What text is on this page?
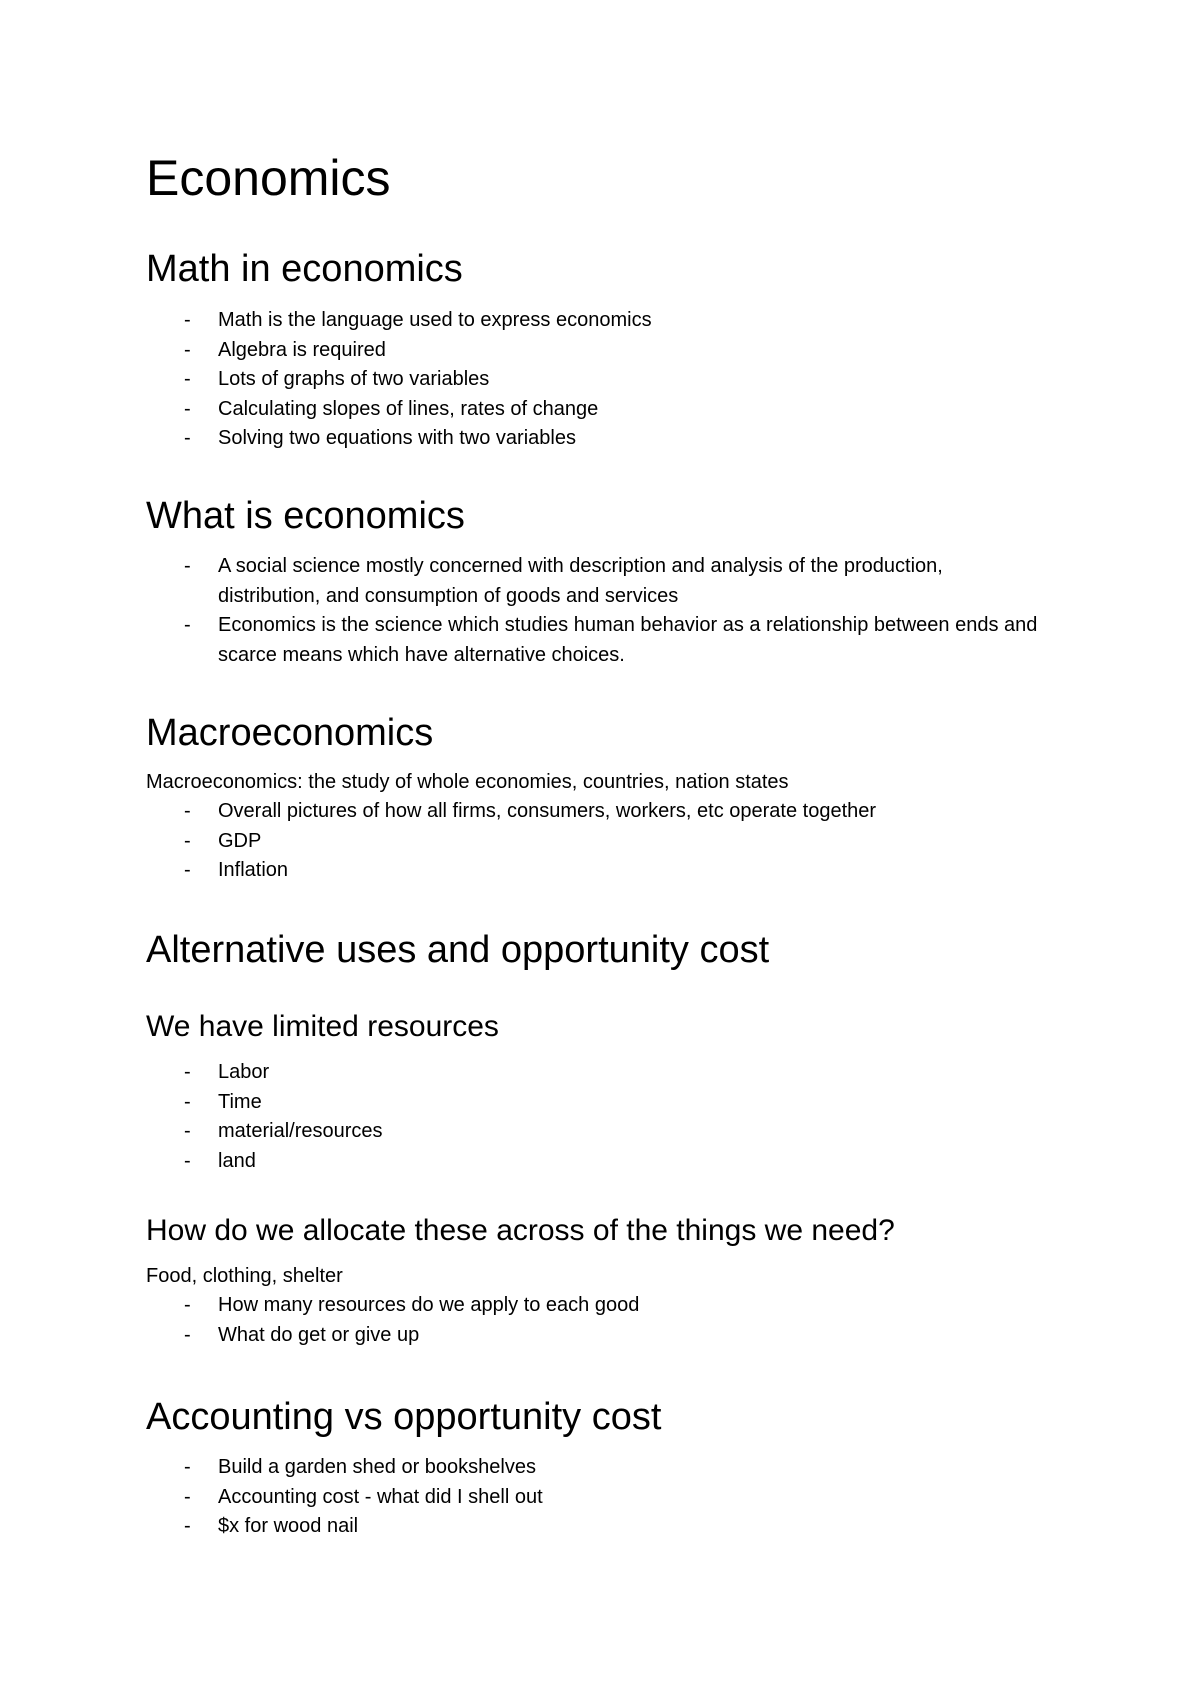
Economics
Math in economics
- Math is the language used to express economics
- Algebra is required
- Lots of graphs of two variables
- Calculating slopes of lines, rates of change
- Solving two equations with two variables
What is economics
- A social science mostly concerned with description and analysis of the production, distribution, and consumption of goods and services
- Economics is the science which studies human behavior as a relationship between ends and scarce means which have alternative choices.
Macroeconomics
Macroeconomics: the study of whole economies, countries, nation states
- Overall pictures of how all firms, consumers, workers, etc operate together
- GDP
- Inflation
Alternative uses and opportunity cost
We have limited resources
- Labor
- Time
- material/resources
- land
How do we allocate these across of the things we need?
Food, clothing, shelter
- How many resources do we apply to each good
- What do get or give up
Accounting vs opportunity cost
- Build a garden shed or bookshelves
- Accounting cost - what did I shell out
- $x for wood nail
